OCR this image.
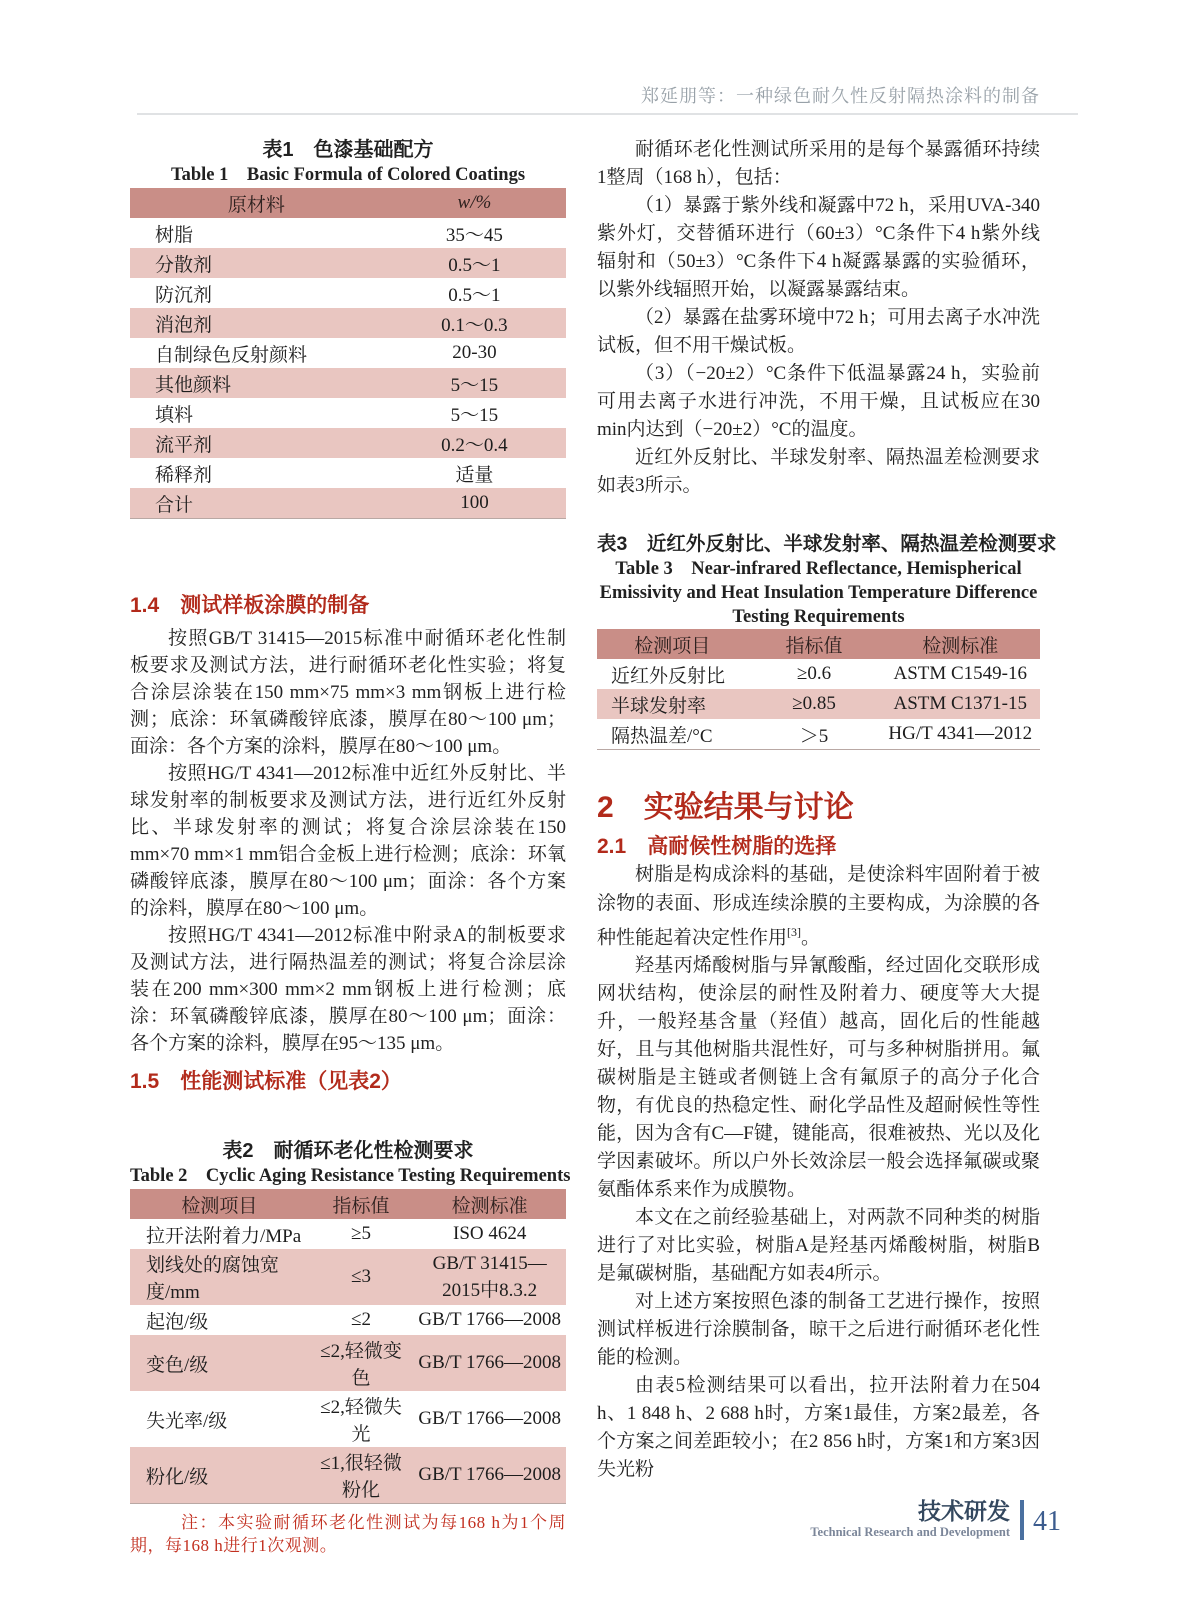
郑延朋等：一种绿色耐久性反射隔热涂料的制备
表1　色漆基础配方
Table 1　Basic Formula of Colored Coatings
原材料	w/%
树脂	35～45
分散剂	0.5～1
防沉剂	0.5～1
消泡剂	0.1～0.3
自制绿色反射颜料	20-30
其他颜料	5～15
填料	5～15
流平剂	0.2～0.4
稀释剂	适量
合计	100
1.4　测试样板涂膜的制备

按照GB/T 31415—2015标准中耐循环老化性制板要求及测试方法，进行耐循环老化性实验；将复合涂层涂装在150 mm×75 mm×3 mm钢板上进行检测；底涂：环氧磷酸锌底漆，膜厚在80～100 μm；面涂：各个方案的涂料，膜厚在80～100 μm。

按照HG/T 4341—2012标准中近红外反射比、半球发射率的制板要求及测试方法，进行近红外反射比、半球发射率的测试；将复合涂层涂装在150 mm×70 mm×1 mm铝合金板上进行检测；底涂：环氧磷酸锌底漆，膜厚在80～100 μm；面涂：各个方案的涂料，膜厚在80～100 μm。

按照HG/T 4341—2012标准中附录A的制板要求及测试方法，进行隔热温差的测试；将复合涂层涂装在200 mm×300 mm×2 mm钢板上进行检测；底涂：环氧磷酸锌底漆，膜厚在80～100 μm；面涂：各个方案的涂料，膜厚在95～135 μm。

1.5　性能测试标准（见表2）
表2　耐循环老化性检测要求
Table 2　Cyclic Aging Resistance Testing Requirements
检测项目	指标值	检测标准
拉开法附着力/MPa	≥5	ISO 4624
划线处的腐蚀宽度/mm	≤3	GB/T 31415—2015中8.3.2
起泡/级	≤2	GB/T 1766—2008
变色/级	≤2,轻微变色	GB/T 1766—2008
失光率/级	≤2,轻微失光	GB/T 1766—2008
粉化/级	≤1,很轻微粉化	GB/T 1766—2008
注：本实验耐循环老化性测试为每168 h为1个周期，每168 h进行1次观测。

耐循环老化性测试所采用的是每个暴露循环持续1整周（168 h），包括：

（1）暴露于紫外线和凝露中72 h，采用UVA-340紫外灯，交替循环进行（60±3）°C条件下4 h紫外线辐射和（50±3）°C条件下4 h凝露暴露的实验循环，以紫外线辐照开始，以凝露暴露结束。

（2）暴露在盐雾环境中72 h；可用去离子水冲洗试板，但不用干燥试板。

（3）（−20±2）°C条件下低温暴露24 h，实验前可用去离子水进行冲洗，不用干燥，且试板应在30 min内达到（−20±2）°C的温度。

近红外反射比、半球发射率、隔热温差检测要求如表3所示。

表3　近红外反射比、半球发射率、隔热温差检测要求
Table 3　Near-infrared Reflectance, Hemispherical Emissivity and Heat Insulation Temperature Difference Testing Requirements
检测项目	指标值	检测标准
近红外反射比	≥0.6	ASTM C1549-16
半球发射率	≥0.85	ASTM C1371-15
隔热温差/°C	＞5	HG/T 4341—2012
2　实验结果与讨论
2.1　高耐候性树脂的选择

树脂是构成涂料的基础，是使涂料牢固附着于被涂物的表面、形成连续涂膜的主要构成，为涂膜的各种性能起着决定性作用[3]。

羟基丙烯酸树脂与异氰酸酯，经过固化交联形成网状结构，使涂层的耐性及附着力、硬度等大大提升，一般羟基含量（羟值）越高，固化后的性能越好，且与其他树脂共混性好，可与多种树脂拼用。氟碳树脂是主链或者侧链上含有氟原子的高分子化合物，有优良的热稳定性、耐化学品性及超耐候性等性能，因为含有C—F键，键能高，很难被热、光以及化学因素破坏。所以户外长效涂层一般会选择氟碳或聚氨酯体系来作为成膜物。

本文在之前经验基础上，对两款不同种类的树脂进行了对比实验，树脂A是羟基丙烯酸树脂，树脂B是氟碳树脂，基础配方如表4所示。

对上述方案按照色漆的制备工艺进行操作，按照测试样板进行涂膜制备，晾干之后进行耐循环老化性能的检测。

由表5检测结果可以看出，拉开法附着力在504 h、1 848 h、2 688 h时，方案1最佳，方案2最差，各个方案之间差距较小；在2 856 h时，方案1和方案3因失光粉

技术研发
Technical Research and Development 41
